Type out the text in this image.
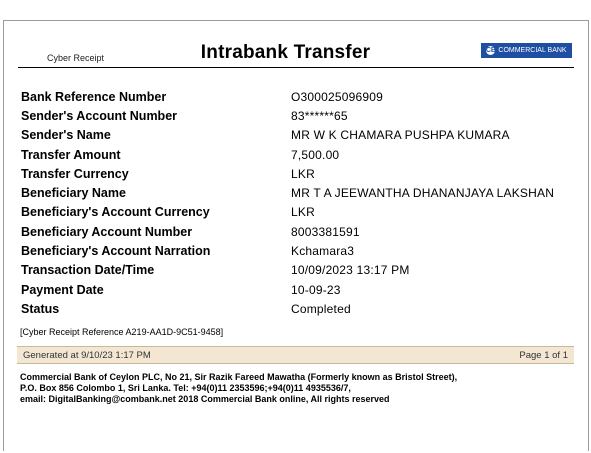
Cyber Receipt	Intrabank Transfer	CB COMMERCIAL BANK
Bank Reference Number	O300025096909
Sender's Account Number	83******65
Sender's Name	MR W K CHAMARA PUSHPA KUMARA
Transfer Amount	7,500.00
Transfer Currency	LKR
Beneficiary Name	MR T A JEEWANTHA DHANANJAYA LAKSHAN
Beneficiary's Account Currency	LKR
Beneficiary Account Number	8003381591
Beneficiary's Account Narration	Kchamara3
Transaction Date/Time	10/09/2023 13:17 PM
Payment Date	10-09-23
Status	Completed
[Cyber Receipt Reference A219-AA1D-9C51-9458]
Generated at 9/10/23 1:17 PM	Page 1 of 1
Commercial Bank of Ceylon PLC, No 21, Sir Razik Fareed Mawatha (Formerly known as Bristol Street),
P.O. Box 856 Colombo 1, Sri Lanka. Tel: +94(0)11 2353596;+94(0)11 4935536/7,
email: DigitalBanking@combank.net 2018 Commercial Bank online, All rights reserved
